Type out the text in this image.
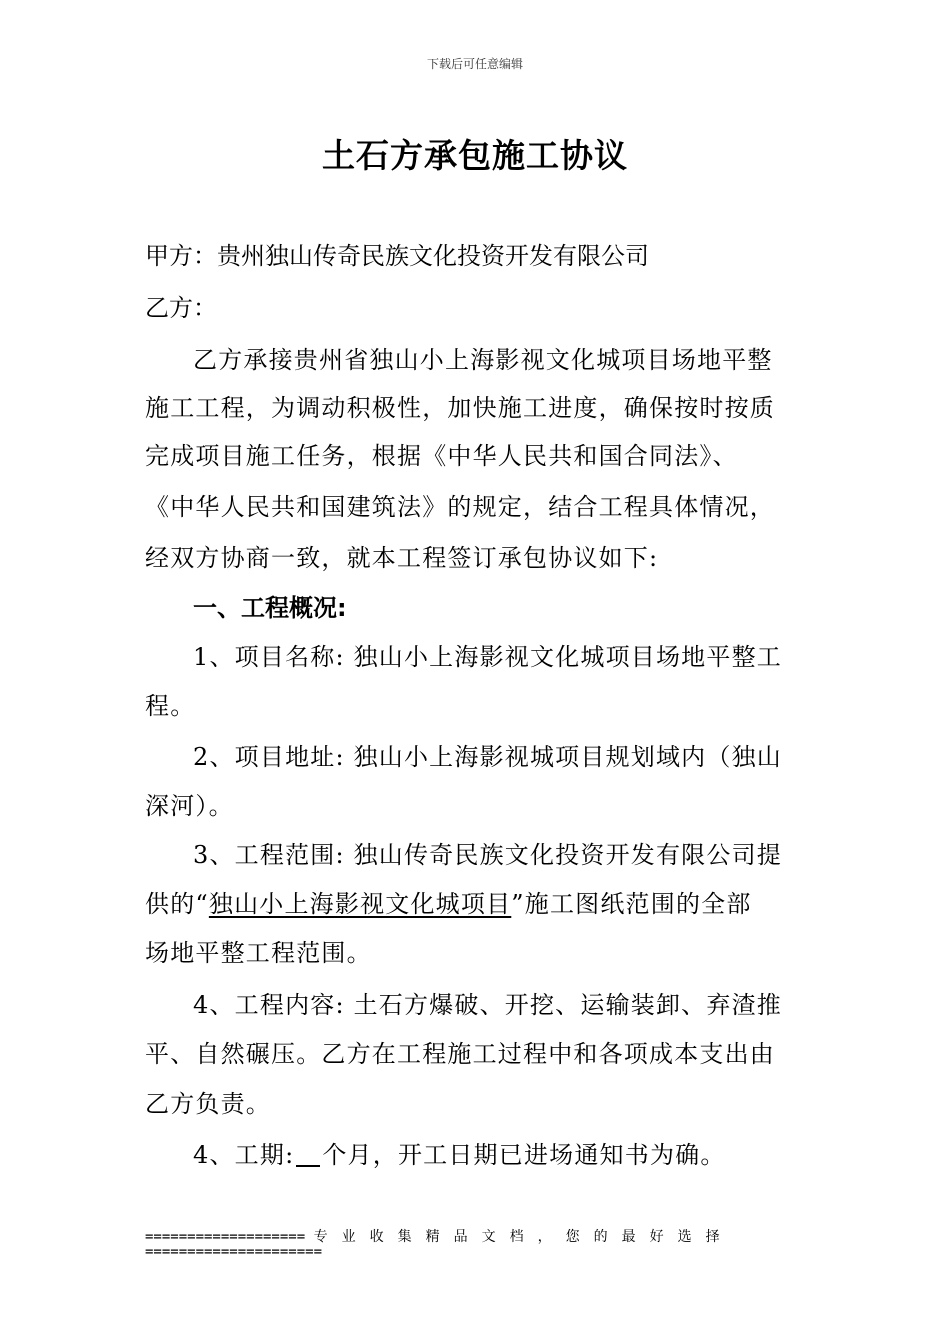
下载后可任意编辑
土石方承包施工协议

甲方：贵州独山传奇民族文化投资开发有限公司

乙方：

乙方承接贵州省独山小上海影视文化城项目场地平整

施工工程，为调动积极性，加快施工进度，确保按时按质

完成项目施工任务，根据《中华人民共和国合同法》、

《中华人民共和国建筑法》的规定，结合工程具体情况，

经双方协商一致，就本工程签订承包协议如下:

一、工程概况:

1、项目名称: 独山小上海影视文化城项目场地平整工

程。

2、项目地址: 独山小上海影视城项目规划域内（独山

深河）。

3、工程范围: 独山传奇民族文化投资开发有限公司提

供的“独山小上海影视文化城项目”施工图纸范围的全部

场地平整工程范围。

4、工程内容: 土石方爆破、开挖、运输装卸、弃渣推

平、自然碾压。乙方在工程施工过程中和各项成本支出由

乙方负责。

4、工期: 个月，开工日期已进场通知书为确。

=================== 专业收集精品文档，您的最好选择

=====================
